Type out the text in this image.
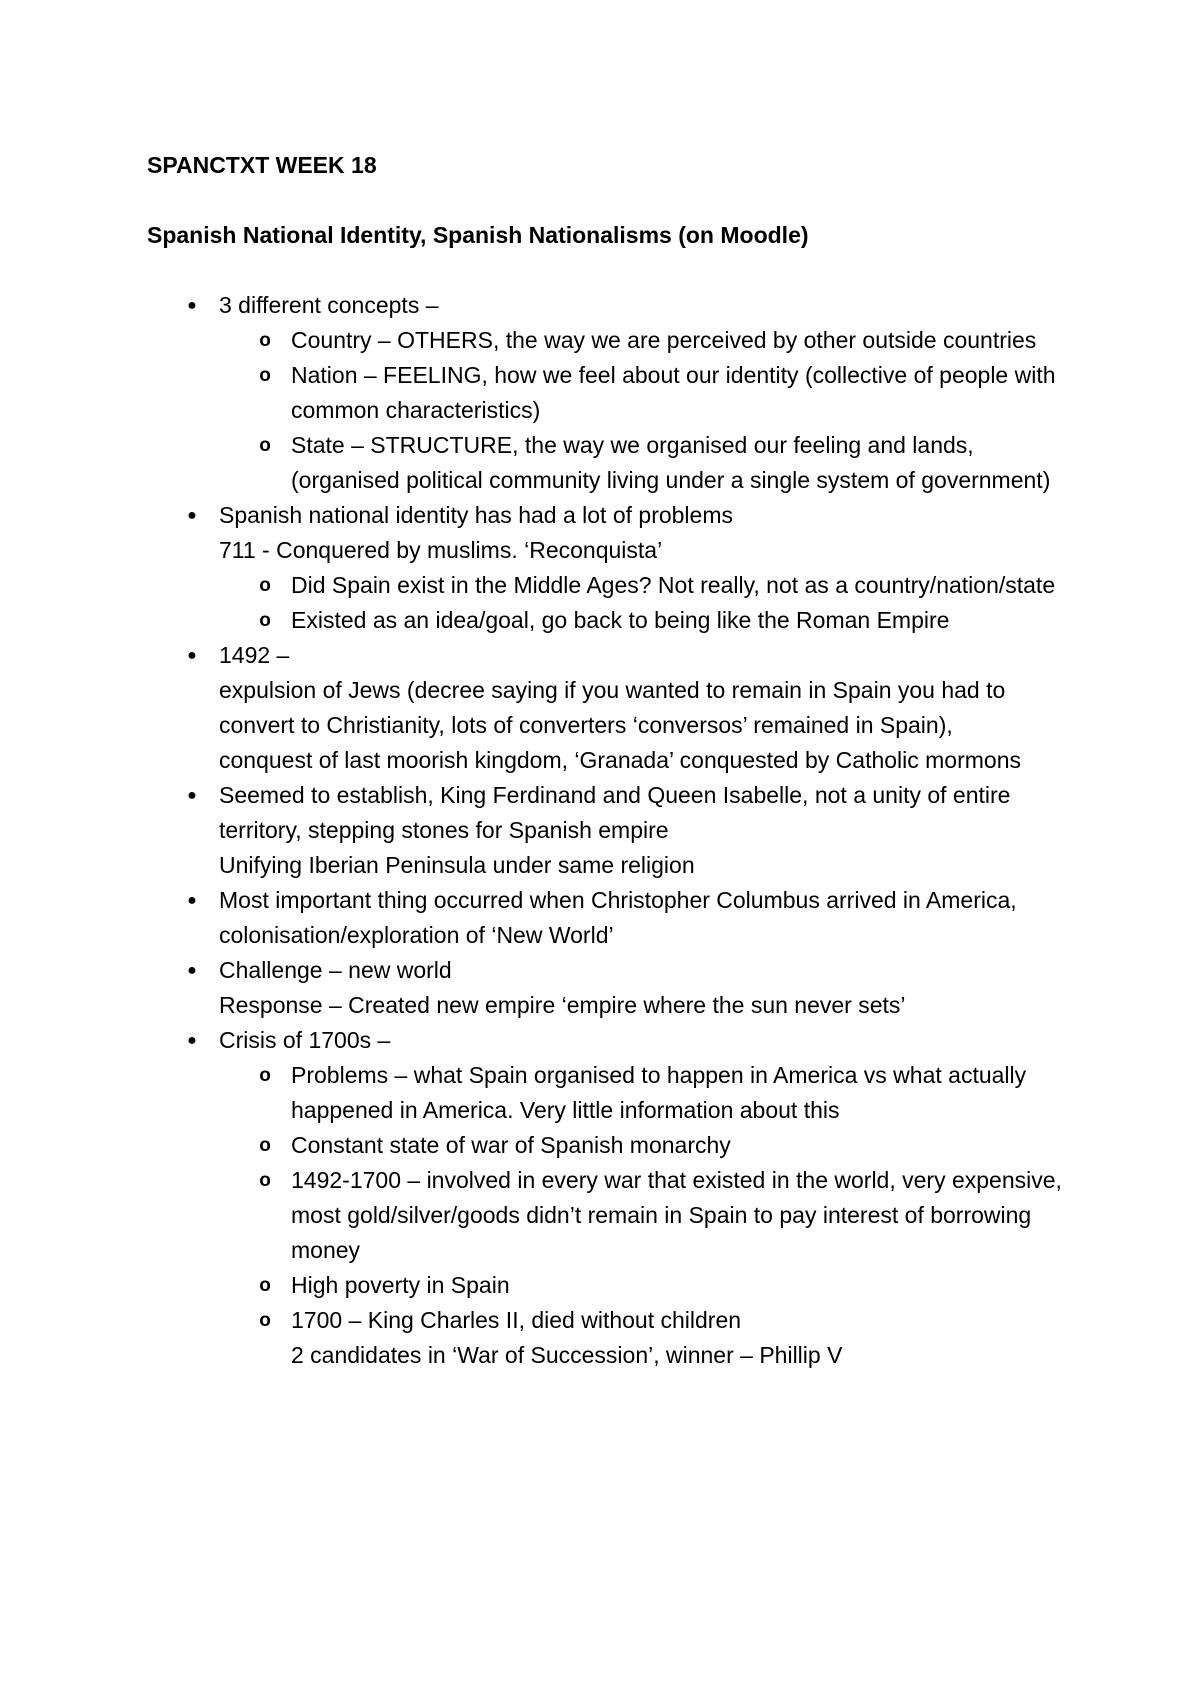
SPANCTXT WEEK 18

Spanish National Identity, Spanish Nationalisms (on Moodle)

● 3 different concepts –
o Country – OTHERS, the way we are perceived by other outside countries
o Nation – FEELING, how we feel about our identity (collective of people with common characteristics)
o State – STRUCTURE, the way we organised our feeling and lands, (organised political community living under a single system of government)
● Spanish national identity has had a lot of problems
711 - Conquered by muslims. ‘Reconquista’
o Did Spain exist in the Middle Ages? Not really, not as a country/nation/state
o Existed as an idea/goal, go back to being like the Roman Empire
● 1492 –
expulsion of Jews (decree saying if you wanted to remain in Spain you had to convert to Christianity, lots of converters ‘conversos’ remained in Spain),
conquest of last moorish kingdom, ‘Granada’ conquested by Catholic mormons
● Seemed to establish, King Ferdinand and Queen Isabelle, not a unity of entire territory, stepping stones for Spanish empire
Unifying Iberian Peninsula under same religion
● Most important thing occurred when Christopher Columbus arrived in America, colonisation/exploration of ‘New World’
● Challenge – new world
Response – Created new empire ‘empire where the sun never sets’
● Crisis of 1700s –
o Problems – what Spain organised to happen in America vs what actually happened in America. Very little information about this
o Constant state of war of Spanish monarchy
o 1492-1700 – involved in every war that existed in the world, very expensive, most gold/silver/goods didn’t remain in Spain to pay interest of borrowing money
o High poverty in Spain
o 1700 – King Charles II, died without children
2 candidates in ‘War of Succession’, winner – Phillip V
